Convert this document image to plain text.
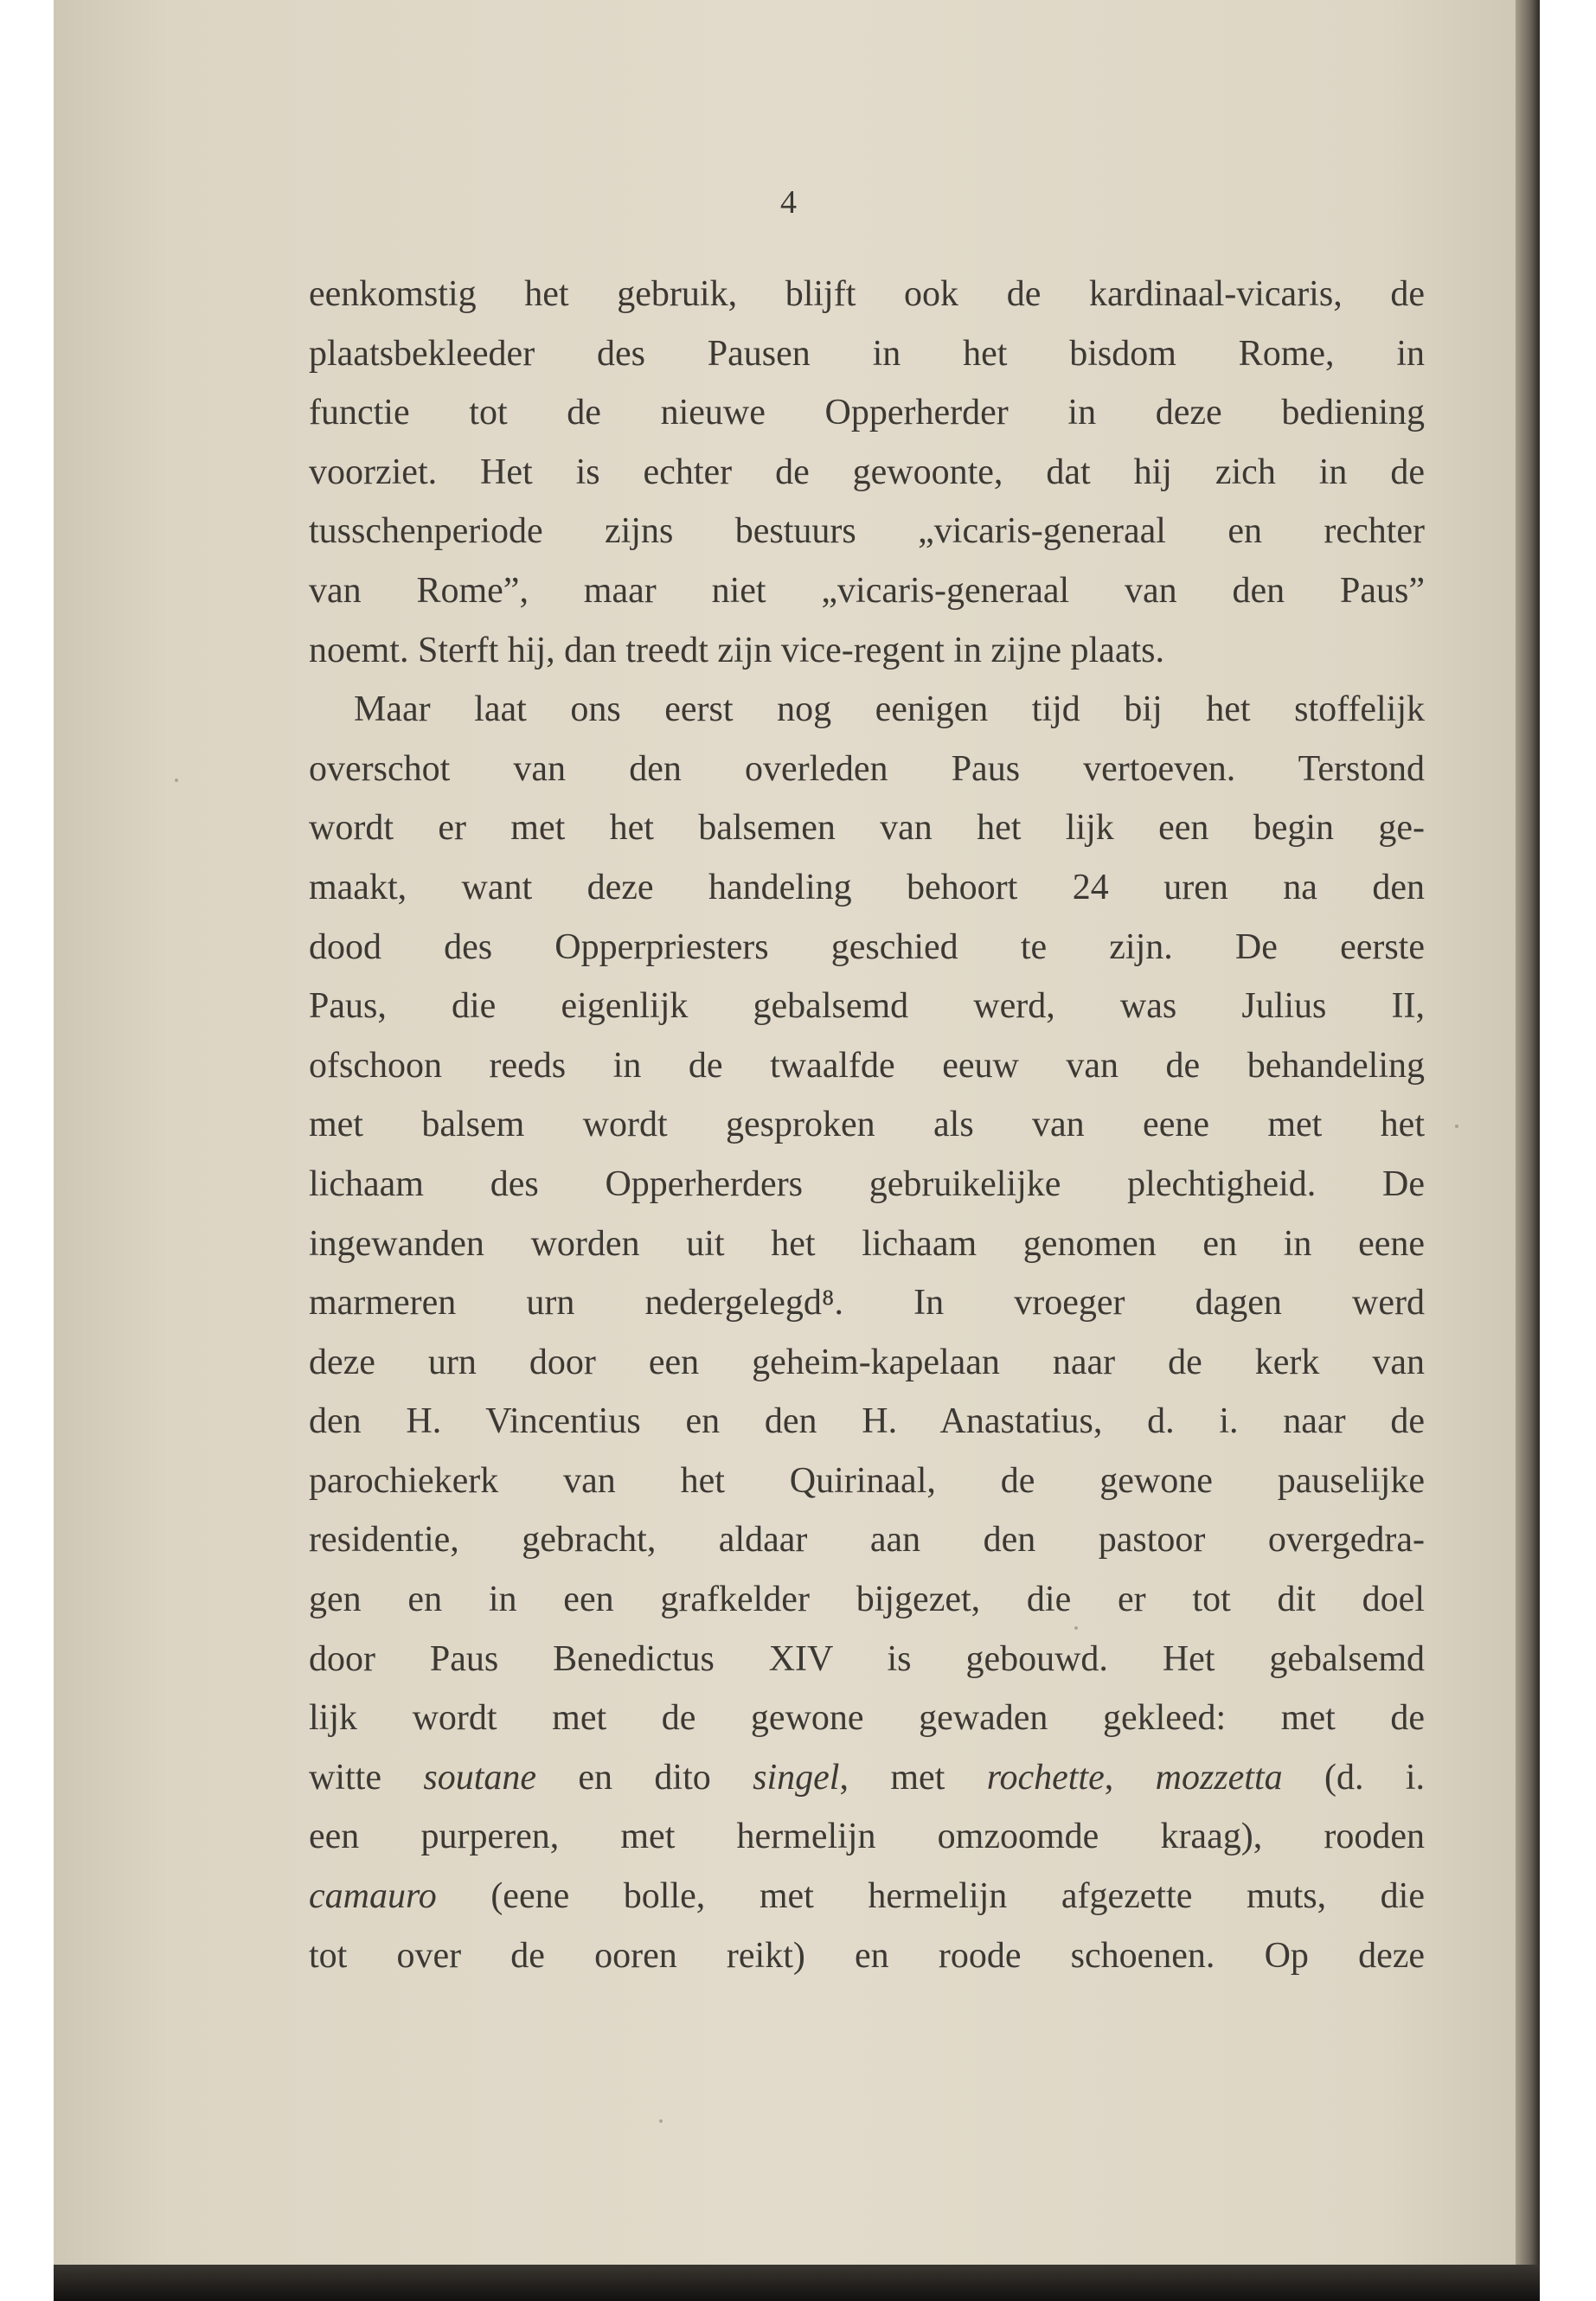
4
eenkomstig het gebruik, blijft ook de kardinaal-vicaris, de
plaatsbekleeder des Pausen in het bisdom Rome, in
functie tot de nieuwe Opperherder in deze bediening
voorziet. Het is echter de gewoonte, dat hij zich in de
tusschenperiode zijns bestuurs „vicaris-generaal en rechter
van Rome”, maar niet „vicaris-generaal van den Paus”
noemt. Sterft hij, dan treedt zijn vice-regent in zijne plaats.
Maar laat ons eerst nog eenigen tijd bij het stoffelijk
overschot van den overleden Paus vertoeven. Terstond
wordt er met het balsemen van het lijk een begin ge-
maakt, want deze handeling behoort 24 uren na den
dood des Opperpriesters geschied te zijn. De eerste
Paus, die eigenlijk gebalsemd werd, was Julius II,
ofschoon reeds in de twaalfde eeuw van de behandeling
met balsem wordt gesproken als van eene met het
lichaam des Opperherders gebruikelijke plechtigheid. De
ingewanden worden uit het lichaam genomen en in eene
marmeren urn nedergelegd⁸. In vroeger dagen werd
deze urn door een geheim-kapelaan naar de kerk van
den H. Vincentius en den H. Anastatius, d. i. naar de
parochiekerk van het Quirinaal, de gewone pauselijke
residentie, gebracht, aldaar aan den pastoor overgedra-
gen en in een grafkelder bijgezet, die er tot dit doel
door Paus Benedictus XIV is gebouwd. Het gebalsemd
lijk wordt met de gewone gewaden gekleed: met de
witte soutane en dito singel, met rochette, mozzetta (d. i.
een purperen, met hermelijn omzoomde kraag), rooden
camauro (eene bolle, met hermelijn afgezette muts, die
tot over de ooren reikt) en roode schoenen. Op deze
